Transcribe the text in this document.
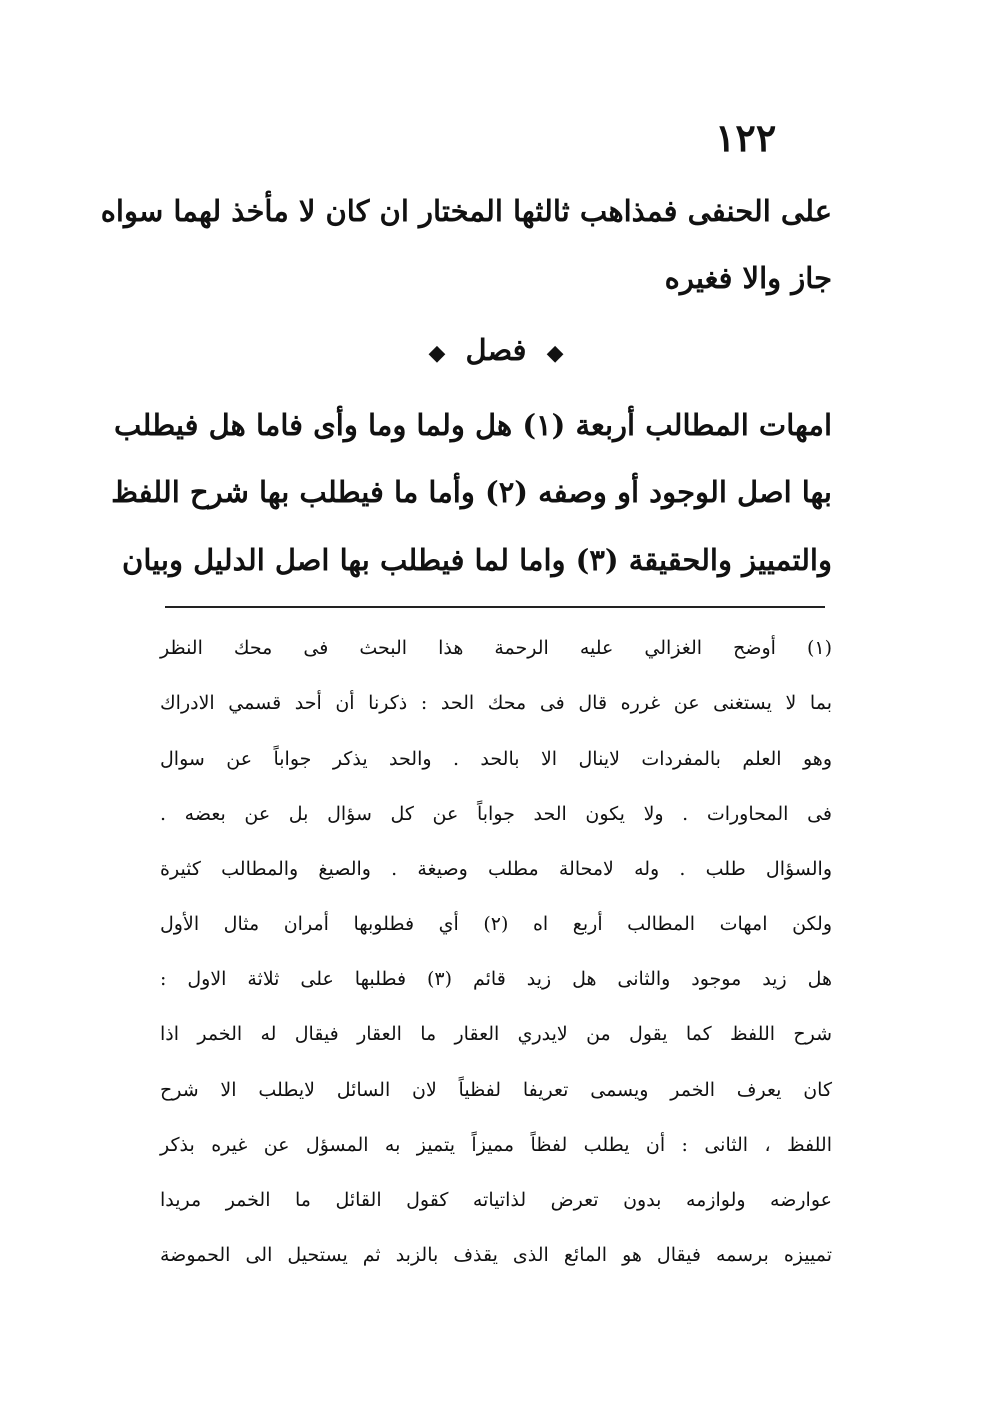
١٢٢
على الحنفى فمذاهب ثالثها المختار ان كان لا مأخذ لهما سواه
جاز والا فغيره
◆ فصل ◆
امهات المطالب أربعة (١) هل ولما وما وأى فاما هل فيطلب
بها اصل الوجود أو وصفه (٢) وأما ما فيطلب بها شرح اللفظ
والتمييز والحقيقة (٣) واما لما فيطلب بها اصل الدليل وبيان
(١) أوضح الغزالي عليه الرحمة هذا البحث فى محك النظر
بما لا يستغنى عن غرره قال فى محك الحد : ذكرنا أن أحد قسمي الادراك
وهو العلم بالمفردات لاينال الا بالحد . والحد يذكر جواباً عن سوال
فى المحاورات . ولا يكون الحد جواباً عن كل سؤال بل عن بعضه .
والسؤال طلب . وله لامحالة مطلب وصيغة . والصيغ والمطالب كثيرة
ولكن امهات المطالب أربع اه (٢) أي فطلوبها أمران مثال الأول
هل زيد موجود والثانى هل زيد قائم (٣) فطلبها على ثلاثة الاول :
شرح اللفظ كما يقول من لايدري العقار ما العقار فيقال له الخمر اذا
كان يعرف الخمر ويسمى تعريفا لفظياً لان السائل لايطلب الا شرح
اللفظ ، الثانى : أن يطلب لفظاً مميزاً يتميز به المسؤل عن غيره بذكر
عوارضه ولوازمه بدون تعرض لذاتياته كقول القائل ما الخمر مريدا
تمييزه برسمه فيقال هو المائع الذى يقذف بالزبد ثم يستحيل الى الحموضة
